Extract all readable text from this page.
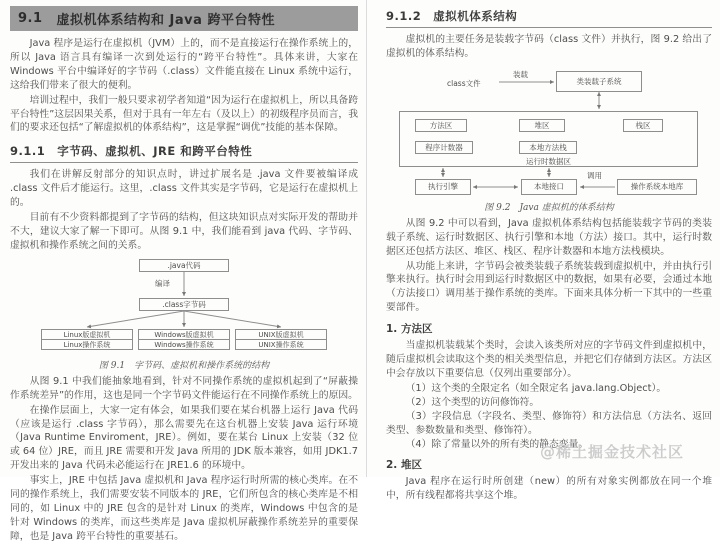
9.1 虚拟机体系结构和 Java 跨平台特性

Java 程序是运行在虚拟机（JVM）上的，而不是直接运行在操作系统上的，所以 Java 语言具有编译一次到处运行的“跨平台特性”。具体来讲，大家在 Windows 平台中编译好的字节码（.class）文件能直接在 Linux 系统中运行，这给我们带来了很大的便利。

培训过程中，我们一般只要求初学者知道“因为运行在虚拟机上，所以具备跨平台特性”这层因果关系，但对于具有一年左右（及以上）的初级程序员而言，我们的要求还包括“了解虚拟机的体系结构”，这是掌握“调优”技能的基本保障。

9.1.1　字节码、虚拟机、JRE 和跨平台特性

我们在讲解反射部分的知识点时，讲过扩展名是 .java 文件要被编译成 .class 文件后才能运行。这里，.class 文件其实是字节码，它是运行在虚拟机上的。

目前有不少资料都提到了字节码的结构，但这块知识点对实际开发的帮助并不大，建议大家了解一下即可。从图 9.1 中，我们能看到 java 代码、字节码、虚拟机和操作系统之间的关系。

.java代码
编译
.class字节码
Linux版虚拟机
Linux操作系统
Windows版虚拟机
Windows操作系统
UNIX版虚拟机
UNIX操作系统
图 9.1　字节码、虚拟机和操作系统的结构

从图 9.1 中我们能抽象地看到，针对不同操作系统的虚拟机起到了“屏蔽操作系统差异”的作用，这也是同一个字节码文件能运行在不同操作系统上的原因。

在操作层面上，大家一定有体会，如果我们要在某台机器上运行 Java 代码（应该是运行 .class 字节码），那么需要先在这台机器上安装 Java 运行环境（Java Runtime Enviroment，JRE）。例如，要在某台 Linux 上安装（32 位或 64 位）JRE，而且 JRE 需要和开发 Java 所用的 JDK 版本兼容，如用 JDK1.7 开发出来的 Java 代码未必能运行在 JRE1.6 的环境中。

事实上，JRE 中包括 Java 虚拟机和 Java 程序运行时所需的核心类库。在不同的操作系统上，我们需要安装不同版本的 JRE，它们所包含的核心类库是不相同的，如 Linux 中的 JRE 包含的是针对 Linux 的类库，Windows 中包含的是针对 Windows 的类库，而这些类库是 Java 虚拟机屏蔽操作系统差异的重要保障，也是 Java 跨平台特性的重要基石。

9.1.2　虚拟机体系结构

虚拟机的主要任务是装载字节码（class 文件）并执行，图 9.2 给出了虚拟机的体系结构。

class文件
装载
类装载子系统
方法区	堆区	栈区
程序计数器	本地方法栈
运行时数据区
执行引擎	本地接口
调用
操作系统本地库
图 9.2　Java 虚拟机的体系结构

从图 9.2 中可以看到，Java 虚拟机体系结构包括能装载字节码的类装载子系统、运行时数据区、执行引擎和本地（方法）接口。其中，运行时数据区还包括方法区、堆区、栈区、程序计数器和本地方法栈模块。

从功能上来讲，字节码会被类装载子系统装载到虚拟机中，并由执行引擎来执行。执行时会用到运行时数据区中的数据，如果有必要，会通过本地（方法接口）调用基于操作系统的类库。下面来具体分析一下其中的一些重要部件。

1. 方法区

当虚拟机装载某个类时，会读入该类所对应的字节码文件到虚拟机中，随后虚拟机会读取这个类的相关类型信息，并把它们存储到方法区。方法区中会存放以下重要信息（仅列出重要部分）。

（1）这个类的全限定名（如全限定名 java.lang.Object）。
（2）这个类型的访问修饰符。
（3）字段信息（字段名、类型、修饰符）和方法信息（方法名、返回类型、参数数量和类型、修饰符）。
（4）除了常量以外的所有类的静态变量。
2. 堆区

Java 程序在运行时所创建（new）的所有对象实例都放在同一个堆中，所有线程都将共享这个堆。

@稀土掘金技术社区
